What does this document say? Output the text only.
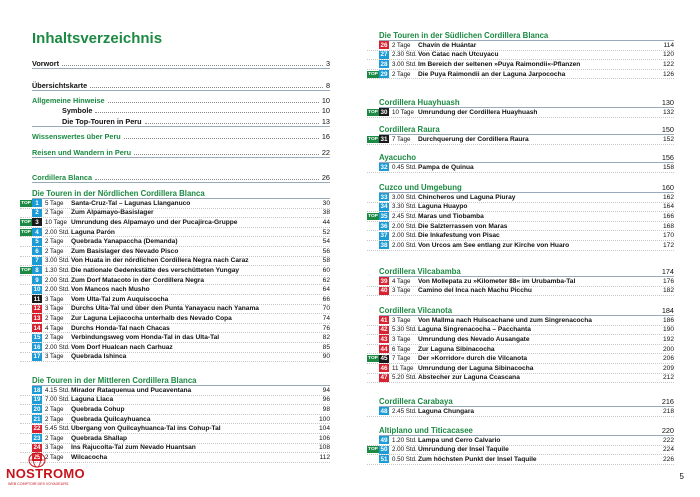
Inhaltsverzeichnis
Vorwort	3
Übersichtskarte	8
Allgemeine Hinweise	10
Symbole	10
Die Top-Touren in Peru	13
Wissenswertes über Peru	16
Reisen und Wandern in Peru	22
Cordillera Blanca	26
Die Touren in der Nördlichen Cordillera Blanca
TOP 1	5 Tage	Santa-Cruz-Tal – Lagunas Llanganuco	30
2	2 Tage	Zum Alpamayo-Basislager	38
TOP 3	10 Tage Umrundung des Alpamayo und der Pucajirca-Gruppe	44
TOP 4	2.00 Std. Laguna Parón	52
5	2 Tage	Quebrada Yanapaccha (Demanda)	54
6	2 Tage	Zum Basislager des Nevado Pisco	56
7	3.00 Std. Von Huata in der nördlichen Cordillera Negra nach Caraz	58
TOP 8	1.30 Std. Die nationale Gedenkstätte des verschütteten Yungay	60
9	2.00 Std. Zum Dorf Matacoto in der Cordillera Negra	62
10 2.00 Std. Von Mancos nach Musho	64
11 3 Tage	Vom Ulta-Tal zum Auquiscocha	66
12 3 Tage	Durchs Ulta-Tal und über den Punta Yanayacu nach Yanama	70
13 2 Tage	Zur Laguna Lejiacocha unterhalb des Nevado Copa	74
14 4 Tage	Durchs Honda-Tal nach Chacas	76
15 2 Tage	Verbindungsweg vom Honda-Tal in das Ulta-Tal	82
16 2.00 Std. Vom Dorf Hualcan nach Carhuaz	85
17 3 Tage	Quebrada Ishinca	90
Die Touren in der Mittleren Cordillera Blanca
18 4.15 Std. Mirador Rataquenua und Pucaventana	94
19 7.00 Std. Laguna Llaca	96
20 2 Tage	Quebrada Cohup	98
21 2 Tage	Quebrada Quilcayhuanca	100
22 5.45 Std. Übergang von Quilcayhuanca-Tal ins Cohup-Tal	104
23 2 Tage	Quebrada Shallap	106
24 3 Tage	Ins Rajucolta-Tal zum Nevado Huantsan	108
25 2 Tage	Wilcacocha	112
Die Touren in der Südlichen Cordillera Blanca
26 2 Tage	Chavín de Huántar	114
27 2.30 Std. Von Catac nach Utcuyacu	120
28 3.00 Std. Im Bereich der seltenen »Puya Raimondii«-Pflanzen	122
TOP 29 2 Tage	Die Puya Raimondii an der Laguna Jarpococha	126
Cordillera Huayhuash	130
TOP 30 10 Tage Umrundung der Cordillera Huayhuash	132
Cordillera Raura	150
TOP 31 7 Tage	Durchquerung der Cordillera Raura	152
Ayacucho	156
32 0.45 Std. Pampa de Quinua	158
Cuzco und Umgebung	160
33 3.00 Std. Chincheros und Laguna Piuray	162
34 3.30 Std. Laguna Huaypo	164
TOP 35 2.45 Std. Maras und Tiobamba	166
36 2.00 Std. Die Salzterrassen von Maras	168
37 2.00 Std. Die Inkafestung von Pisac	170
38 2.00 Std. Von Urcos am See entlang zur Kirche von Huaro	172
Cordillera Vilcabamba	174
39 4 Tage	Von Mollepata zu »Kilometer 88« im Urubamba-Tal	176
40 3 Tage	Camino del Inca nach Machu Picchu	182
Cordillera Vilcanota	184
41 3 Tage	Von Mallma nach Huiscachane und zum Singrenacocha	186
42 5.30 Std. Laguna Singrenacocha – Pacchanta	190
43 3 Tage	Umrundung des Nevado Ausangate	192
44 6 Tage	Zur Laguna Sibinacocha	200
TOP 45 7 Tage	Der »Korridor« durch die Vilcanota	206
46 11 Tage Umrundung der Laguna Sibinacocha	209
47 5.20 Std. Abstecher zur Laguna Ccascana	212
Cordillera Carabaya	216
48 2.45 Std. Laguna Chungara	218
Altiplano und Titicacasee	220
49 1.20 Std. Lampa und Cerro Calvario	222
TOP 50 2.00 Std. Umrundung der Insel Taquile	224
51 0.50 Std. Zum höchsten Punkt der Insel Taquile	226
NOSTROMO
WEB COMPTOIR DES VOYAGEURS
5
